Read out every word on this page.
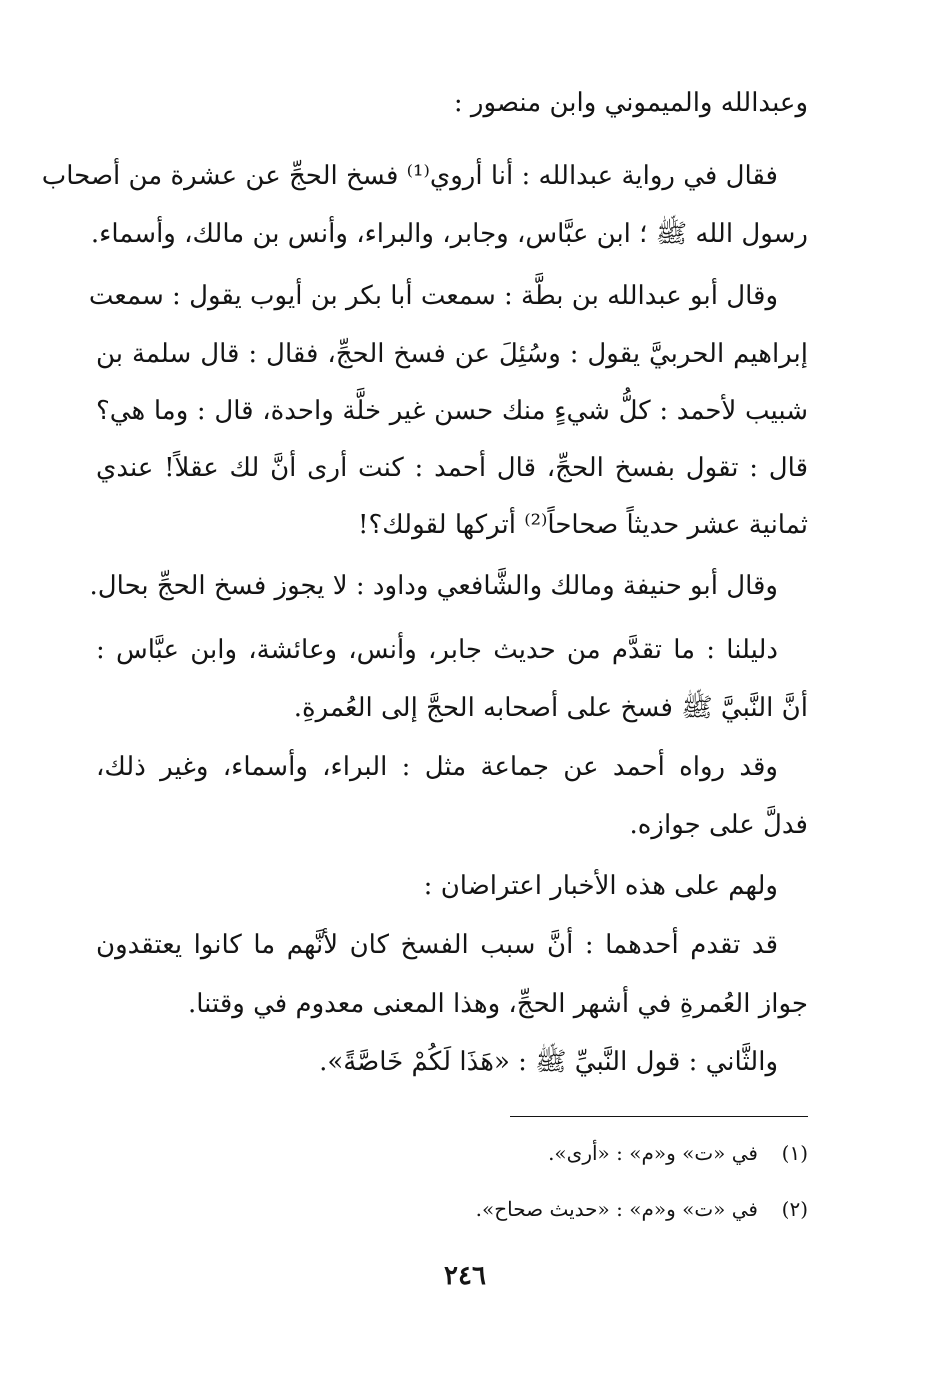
وعبدالله والميموني وابن منصور :
فقال في رواية عبدالله : أنا أروي⁽¹⁾ فسخ الحجِّ عن عشرة من أصحاب
رسول الله ﷺ ؛ ابن عبَّاس، وجابر، والبراء، وأنس بن مالك، وأسماء.
وقال أبو عبدالله بن بطَّة : سمعت أبا بكر بن أيوب يقول : سمعت
إبراهيم الحربيَّ يقول : وسُئِلَ عن فسخ الحجِّ، فقال : قال سلمة بن
شبيب لأحمد : كلُّ شيءٍ منك حسن غير خلَّة واحدة، قال : وما هي؟
قال : تقول بفسخ الحجِّ، قال أحمد : كنت أرى أنَّ لك عقلاً! عندي
ثمانية عشر حديثاً صحاحاً⁽²⁾ أتركها لقولك؟!
وقال أبو حنيفة ومالك والشَّافعي وداود : لا يجوز فسخ الحجِّ بحال.
دليلنا : ما تقدَّم من حديث جابر، وأنس، وعائشة، وابن عبَّاس :
أنَّ النَّبيَّ ﷺ فسخ على أصحابه الحجَّ إلى العُمرةِ.
وقد رواه أحمد عن جماعة مثل : البراء، وأسماء، وغير ذلك،
فدلَّ على جوازه.
ولهم على هذه الأخبار اعتراضان :
قد تقدم أحدهما : أنَّ سبب الفسخ كان لأنَّهم ما كانوا يعتقدون
جواز العُمرةِ في أشهر الحجِّ، وهذا المعنى معدوم في وقتنا.
والثَّاني : قول النَّبيِّ ﷺ : «هَذَا لَكُمْ خَاصَّةً».
(١)في «ت» و«م» : «أرى».
(٢)في «ت» و«م» : «حديث صحاح».
٢٤٦
